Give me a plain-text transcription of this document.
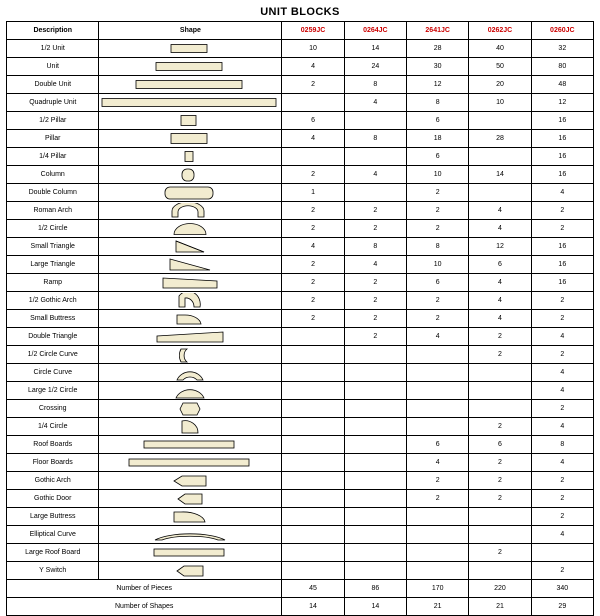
UNIT BLOCKS
Description	Shape	0259JC	0264JC	2641JC	0262JC	0260JC
1/2 Unit		10	14	28	40	32
Unit		4	24	30	50	80
Double Unit		2	8	12	20	48
Quadruple Unit			4	8	10	12
1/2 Pillar		6		6		16
Pillar		4	8	18	28	16
1/4 Pillar				6		16
Column		2	4	10	14	16
Double Column		1		2		4
Roman Arch		2	2	2	4	2
1/2 Circle		2	2	2	4	2
Small Triangle		4	8	8	12	16
Large Triangle		2	4	10	6	16
Ramp		2	2	6	4	16
1/2 Gothic Arch		2	2	2	4	2
Small Buttress		2	2	2	4	2
Double Triangle			2	4	2	4
1/2 Circle Curve					2	2
Circle Curve						4
Large 1/2 Circle						4
Crossing						2
1/4 Circle					2	4
Roof Boards				6	6	8
Floor Boards				4	2	4
Gothic Arch				2	2	2
Gothic Door				2	2	2
Large Buttress						2
Elliptical Curve						4
Large Roof Board					2	
Y Switch						2
Number of Pieces		45	86	170	220	340
Number of Shapes		14	14	21	21	29
